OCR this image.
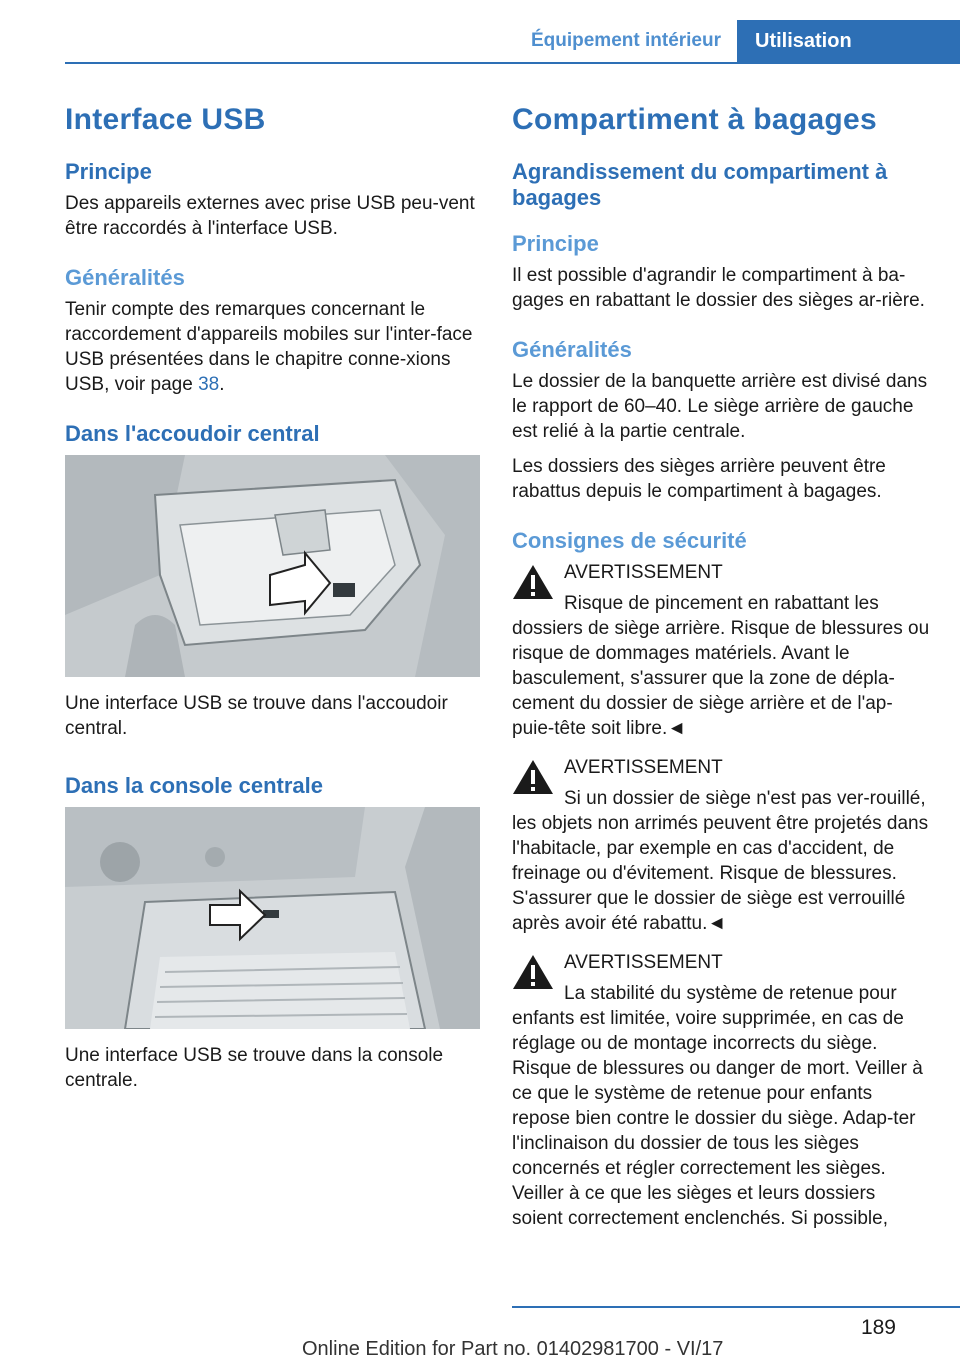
Équipement intérieur	Utilisation
Interface USB
Principe

Des appareils externes avec prise USB peu-vent être raccordés à l'interface USB.

Généralités

Tenir compte des remarques concernant le raccordement d'appareils mobiles sur l'inter-face USB présentées dans le chapitre conne-xions USB, voir page 38.

Dans l'accoudoir central

Une interface USB se trouve dans l'accoudoir central.

Dans la console centrale

Une interface USB se trouve dans la console centrale.

Compartiment à bagages
Agrandissement du compartiment à bagages
Principe

Il est possible d'agrandir le compartiment à ba-gages en rabattant le dossier des sièges ar-rière.

Généralités

Le dossier de la banquette arrière est divisé dans le rapport de 60–40. Le siège arrière de gauche est relié à la partie centrale.

Les dossiers des sièges arrière peuvent être rabattus depuis le compartiment à bagages.

Consignes de sécurité
AVERTISSEMENT

Risque de pincement en rabattant les dossiers de siège arrière. Risque de blessures ou risque de dommages matériels. Avant le basculement, s'assurer que la zone de dépla-cement du dossier de siège arrière et de l'ap-puie-tête soit libre.◄

AVERTISSEMENT

Si un dossier de siège n'est pas ver-rouillé, les objets non arrimés peuvent être projetés dans l'habitacle, par exemple en cas d'accident, de freinage ou d'évitement. Risque de blessures. S'assurer que le dossier de siège est verrouillé après avoir été rabattu.◄

AVERTISSEMENT

La stabilité du système de retenue pour enfants est limitée, voire supprimée, en cas de réglage ou de montage incorrects du siège. Risque de blessures ou danger de mort. Veiller à ce que le système de retenue pour enfants repose bien contre le dossier du siège. Adap-ter l'inclinaison du dossier de tous les sièges concernés et régler correctement les sièges. Veiller à ce que les sièges et leurs dossiers soient correctement enclenchés. Si possible,

189
Online Edition for Part no. 01402981700 - VI/17
